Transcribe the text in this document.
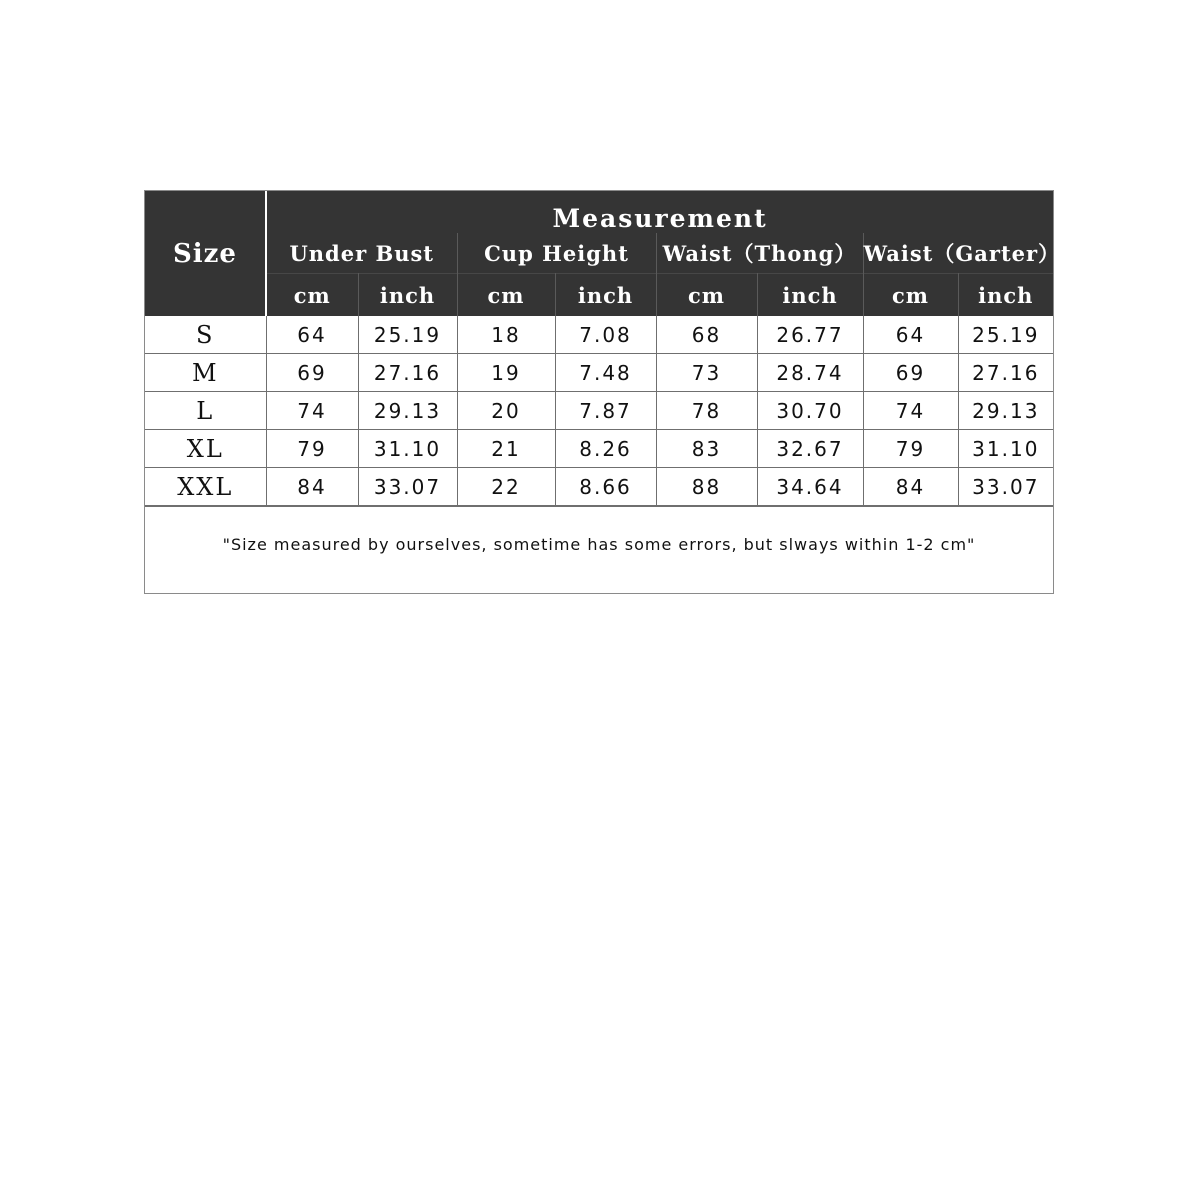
Size	Measurement							
	Under Bust		Cup Height		Waist（Thong）		Waist（Garter）	
	cm	inch	cm	inch	cm	inch	cm	inch
S	64	25.19	18	7.08	68	26.77	64	25.19
M	69	27.16	19	7.48	73	28.74	69	27.16
L	74	29.13	20	7.87	78	30.70	74	29.13
XL	79	31.10	21	8.26	83	32.67	79	31.10
XXL	84	33.07	22	8.66	88	34.64	84	33.07
"Size measured by ourselves, sometime has some errors, but slways within 1-2 cm"
